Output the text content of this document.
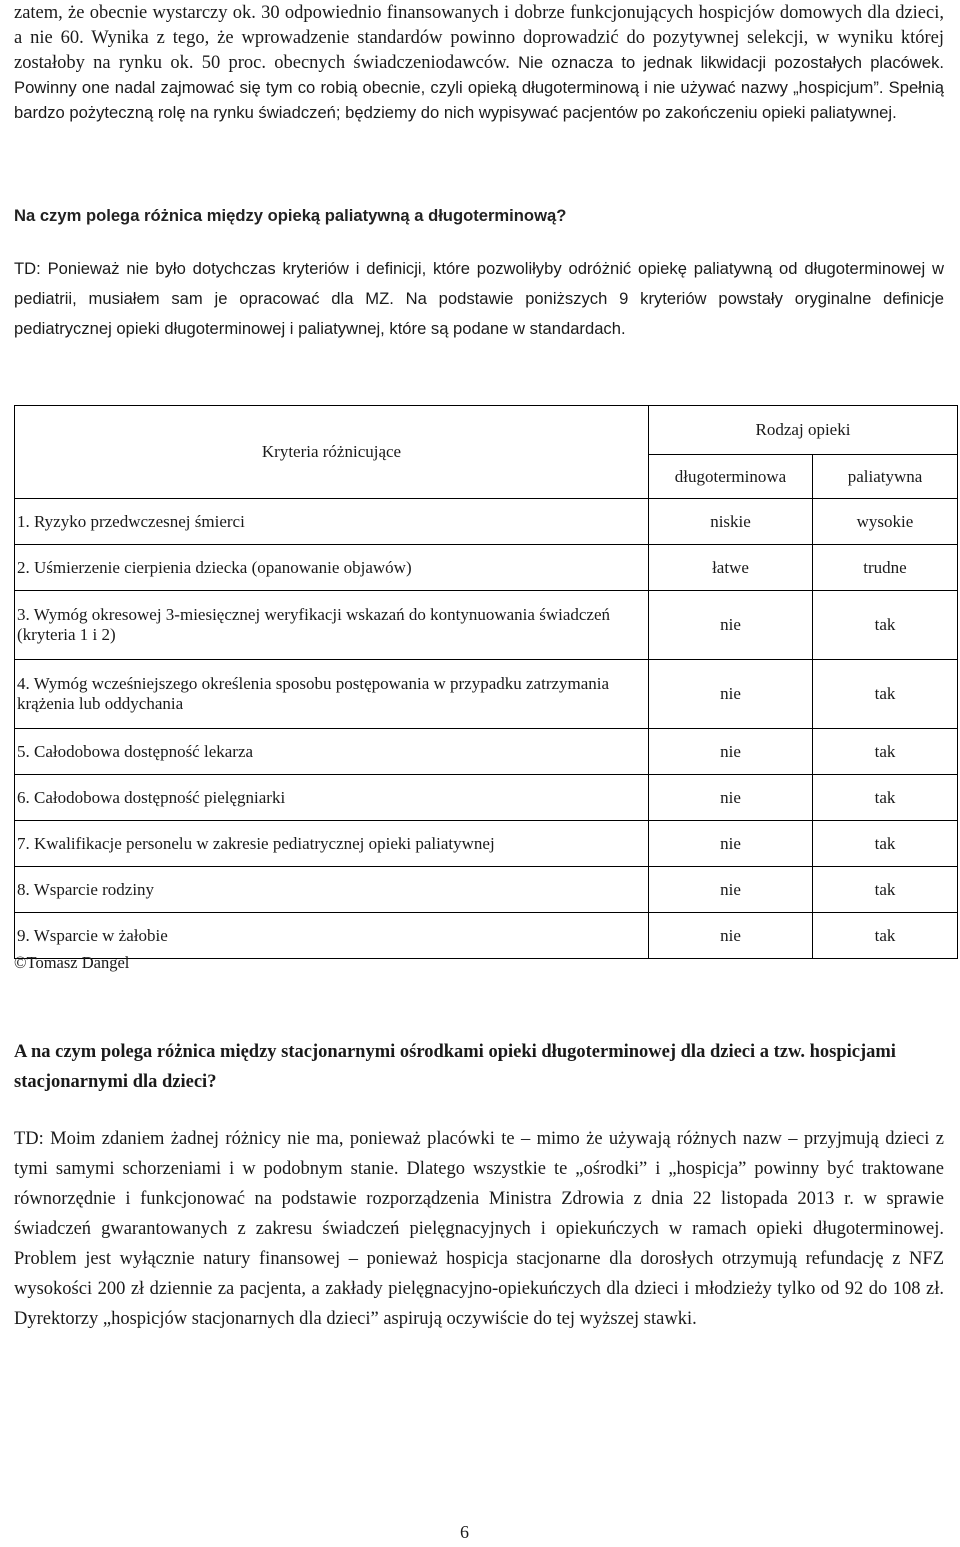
zatem, że obecnie wystarczy ok. 30 odpowiednio finansowanych i dobrze funkcjonujących hospicjów domowych dla dzieci, a nie 60. Wynika z tego, że wprowadzenie standardów powinno doprowadzić do pozytywnej selekcji, w wyniku której zostałoby na rynku ok. 50 proc. obecnych świadczeniodawców. Nie oznacza to jednak likwidacji pozostałych placówek. Powinny one nadal zajmować się tym co robią obecnie, czyli opieką długoterminową i nie używać nazwy „hospicjum”. Spełnią bardzo pożyteczną rolę na rynku świadczeń; będziemy do nich wypisywać pacjentów po zakończeniu opieki paliatywnej.
Na czym polega różnica między opieką paliatywną a długoterminową?
TD: Ponieważ nie było dotychczas kryteriów i definicji, które pozwoliłyby odróżnić opiekę paliatywną od długoterminowej w pediatrii, musiałem sam je opracować dla MZ. Na podstawie poniższych 9 kryteriów powstały oryginalne definicje pediatrycznej opieki długoterminowej i paliatywnej, które są podane w standardach.
Kryteria różnicujące	Rodzaj opieki	
	długoterminowa	paliatywna
1. Ryzyko przedwczesnej śmierci	niskie	wysokie
2. Uśmierzenie cierpienia dziecka (opanowanie objawów)	łatwe	trudne
3. Wymóg okresowej 3-miesięcznej weryfikacji wskazań do kontynuowania świadczeń (kryteria 1 i 2)	nie	tak
4. Wymóg wcześniejszego określenia sposobu postępowania w przypadku zatrzymania krążenia lub oddychania	nie	tak
5. Całodobowa dostępność lekarza	nie	tak
6. Całodobowa dostępność pielęgniarki	nie	tak
7. Kwalifikacje personelu w zakresie pediatrycznej opieki paliatywnej	nie	tak
8. Wsparcie rodziny	nie	tak
9. Wsparcie w żałobie	nie	tak
©Tomasz Dangel
A na czym polega różnica między stacjonarnymi ośrodkami opieki długoterminowej dla dzieci a tzw. hospicjami stacjonarnymi dla dzieci?
TD: Moim zdaniem żadnej różnicy nie ma, ponieważ placówki te – mimo że używają różnych nazw – przyjmują dzieci z tymi samymi schorzeniami i w podobnym stanie. Dlatego wszystkie te „ośrodki” i „hospicja” powinny być traktowane równorzędnie i funkcjonować na podstawie rozporządzenia Ministra Zdrowia z dnia 22 listopada 2013 r. w sprawie świadczeń gwarantowanych z zakresu świadczeń pielęgnacyjnych i opiekuńczych w ramach opieki długoterminowej. Problem jest wyłącznie natury finansowej – ponieważ hospicja stacjonarne dla dorosłych otrzymują refundację z NFZ wysokości 200 zł dziennie za pacjenta, a zakłady pielęgnacyjno-opiekuńczych dla dzieci i młodzieży tylko od 92 do 108 zł. Dyrektorzy „hospicjów stacjonarnych dla dzieci” aspirują oczywiście do tej wyższej stawki.
6
